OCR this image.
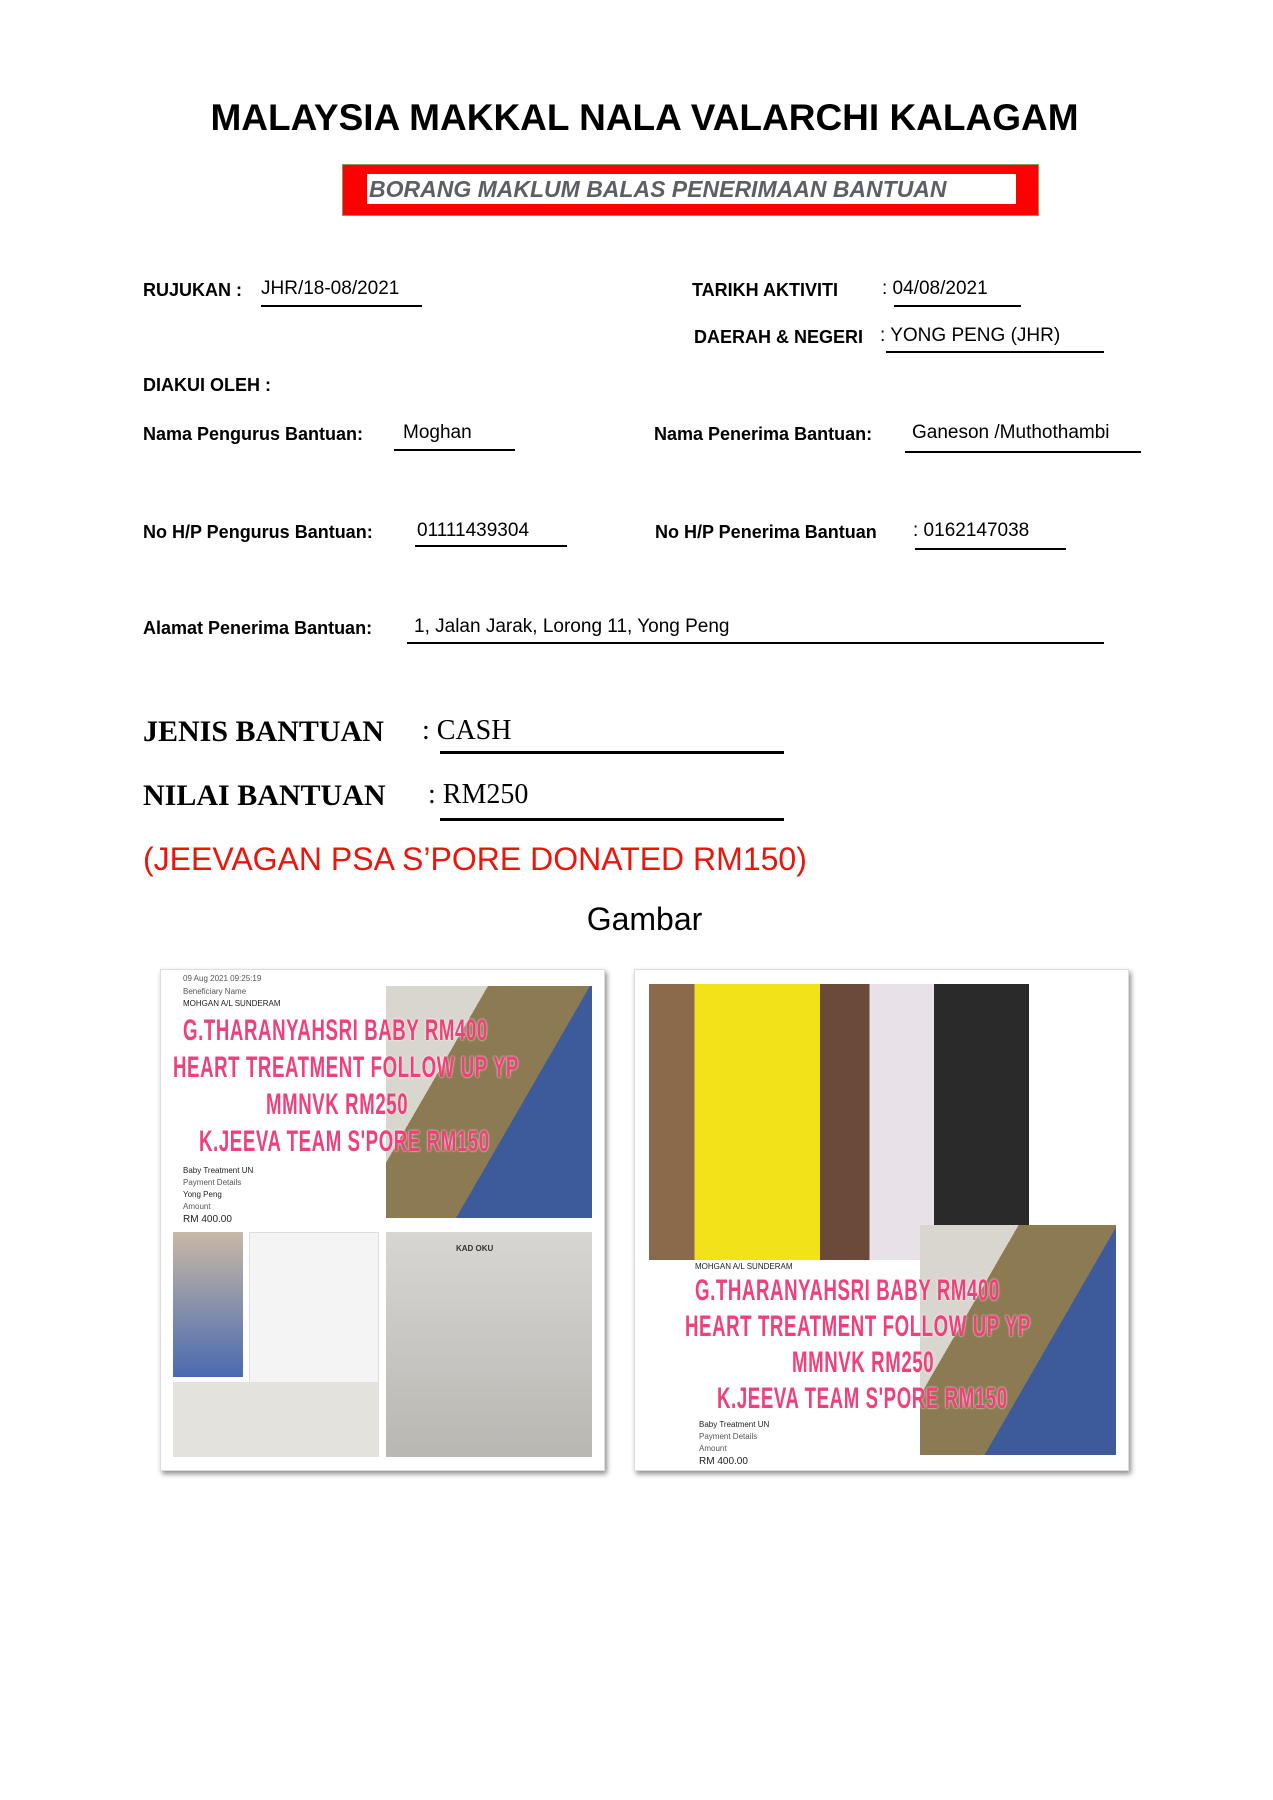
MALAYSIA MAKKAL NALA VALARCHI KALAGAM
BORANG MAKLUM BALAS PENERIMAAN BANTUAN
RUJUKAN : JHR/18-08/2021	TARIKH AKTIVITI : 04/08/2021
DAERAH & NEGERI : YONG PENG (JHR)
DIAKUI OLEH :
Nama Pengurus Bantuan: Moghan	Nama Penerima Bantuan: Ganeson /Muthothambi
No H/P Pengurus Bantuan: 01111439304	No H/P Penerima Bantuan : 0162147038
Alamat Penerima Bantuan: 1, Jalan Jarak, Lorong 11, Yong Peng
JENIS BANTUAN : CASH
NILAI BANTUAN : RM250
(JEEVAGAN PSA S’PORE DONATED RM150)
Gambar
KAD OKU
09 Aug 2021 09:25:19
Beneficiary Name
MOHGAN A/L SUNDERAM
G.THARANYAHSRI BABY RM400
HEART TREATMENT FOLLOW UP YP
MMNVK RM250
K.JEEVA TEAM S'PORE RM150
Baby Treatment UN
Payment Details
Yong Peng
Amount
RM 400.00
MOHGAN A/L SUNDERAM
G.THARANYAHSRI BABY RM400
HEART TREATMENT FOLLOW UP YP
MMNVK RM250
K.JEEVA TEAM S'PORE RM150
Baby Treatment UN
Payment Details
Amount
RM 400.00
